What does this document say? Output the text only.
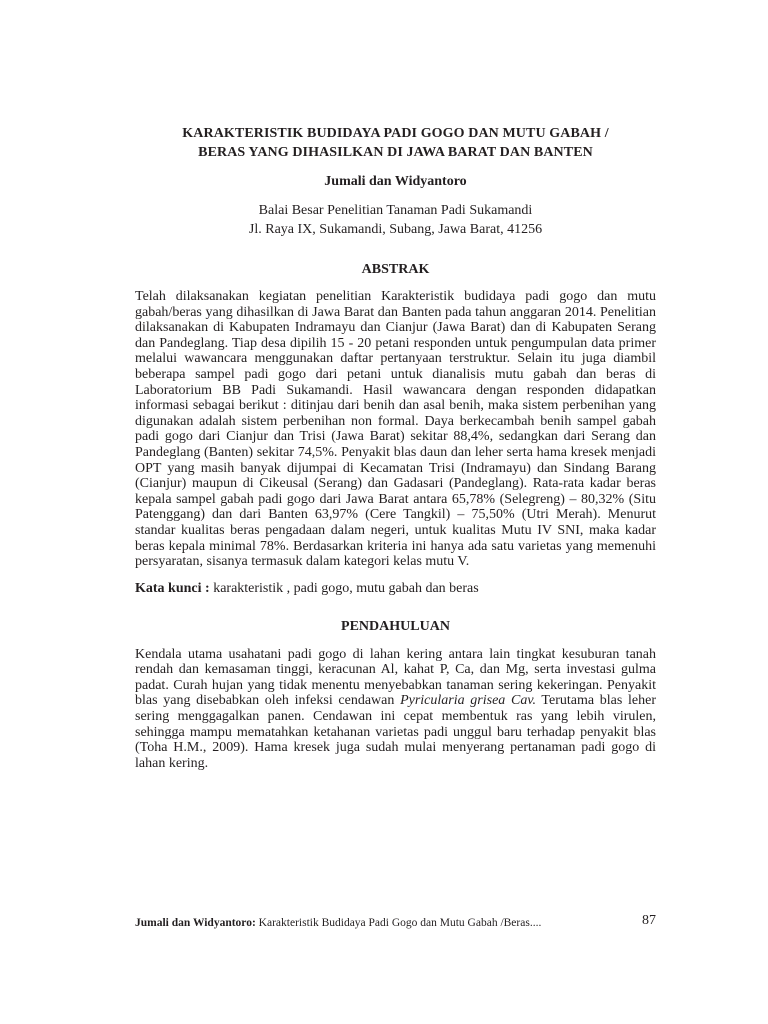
KARAKTERISTIK BUDIDAYA PADI GOGO DAN MUTU GABAH /
BERAS YANG DIHASILKAN DI JAWA BARAT DAN BANTEN
Jumali dan Widyantoro

Balai Besar Penelitian Tanaman Padi Sukamandi

Jl. Raya IX, Sukamandi, Subang, Jawa Barat, 41256

ABSTRAK

Telah dilaksanakan kegiatan penelitian Karakteristik budidaya padi gogo dan mutu gabah/beras yang dihasilkan di Jawa Barat dan Banten pada tahun anggaran 2014. Penelitian dilaksanakan di Kabupaten Indramayu dan Cianjur (Jawa Barat) dan di Kabupaten Serang dan Pandeglang. Tiap desa dipilih 15 - 20 petani responden untuk pengumpulan data primer melalui wawancara menggunakan daftar pertanyaan terstruktur. Selain itu juga diambil beberapa sampel padi gogo dari petani untuk dianalisis mutu gabah dan beras di Laboratorium BB Padi Sukamandi. Hasil wawancara dengan responden didapatkan informasi sebagai berikut : ditinjau dari benih dan asal benih, maka sistem perbenihan yang digunakan adalah sistem perbenihan non formal. Daya berkecambah benih sampel gabah padi gogo dari Cianjur dan Trisi (Jawa Barat) sekitar 88,4%, sedangkan dari Serang dan Pandeglang (Banten) sekitar 74,5%. Penyakit blas daun dan leher serta hama kresek menjadi OPT yang masih banyak dijumpai di Kecamatan Trisi (Indramayu) dan Sindang Barang (Cianjur) maupun di Cikeusal (Serang) dan Gadasari (Pandeglang). Rata-rata kadar beras kepala sampel gabah padi gogo dari Jawa Barat antara 65,78% (Selegreng) – 80,32% (Situ Patenggang) dan dari Banten 63,97% (Cere Tangkil) – 75,50% (Utri Merah). Menurut standar kualitas beras pengadaan dalam negeri, untuk kualitas Mutu IV SNI, maka kadar beras kepala minimal 78%. Berdasarkan kriteria ini hanya ada satu varietas yang memenuhi persyaratan, sisanya termasuk dalam kategori kelas mutu V.

Kata kunci : karakteristik , padi gogo, mutu gabah dan beras

PENDAHULUAN

Kendala utama usahatani padi gogo di lahan kering antara lain tingkat kesuburan tanah rendah dan kemasaman tinggi, keracunan Al, kahat P, Ca, dan Mg, serta investasi gulma padat. Curah hujan yang tidak menentu menyebabkan tanaman sering kekeringan. Penyakit blas yang disebabkan oleh infeksi cendawan Pyricularia grisea Cav. Terutama blas leher sering menggagalkan panen. Cendawan ini cepat membentuk ras yang lebih virulen, sehingga mampu mematahkan ketahanan varietas padi unggul baru terhadap penyakit blas (Toha H.M., 2009). Hama kresek juga sudah mulai menyerang pertanaman padi gogo di lahan kering.

Jumali dan Widyantoro: Karakteristik Budidaya Padi Gogo dan Mutu Gabah /Beras....	87
